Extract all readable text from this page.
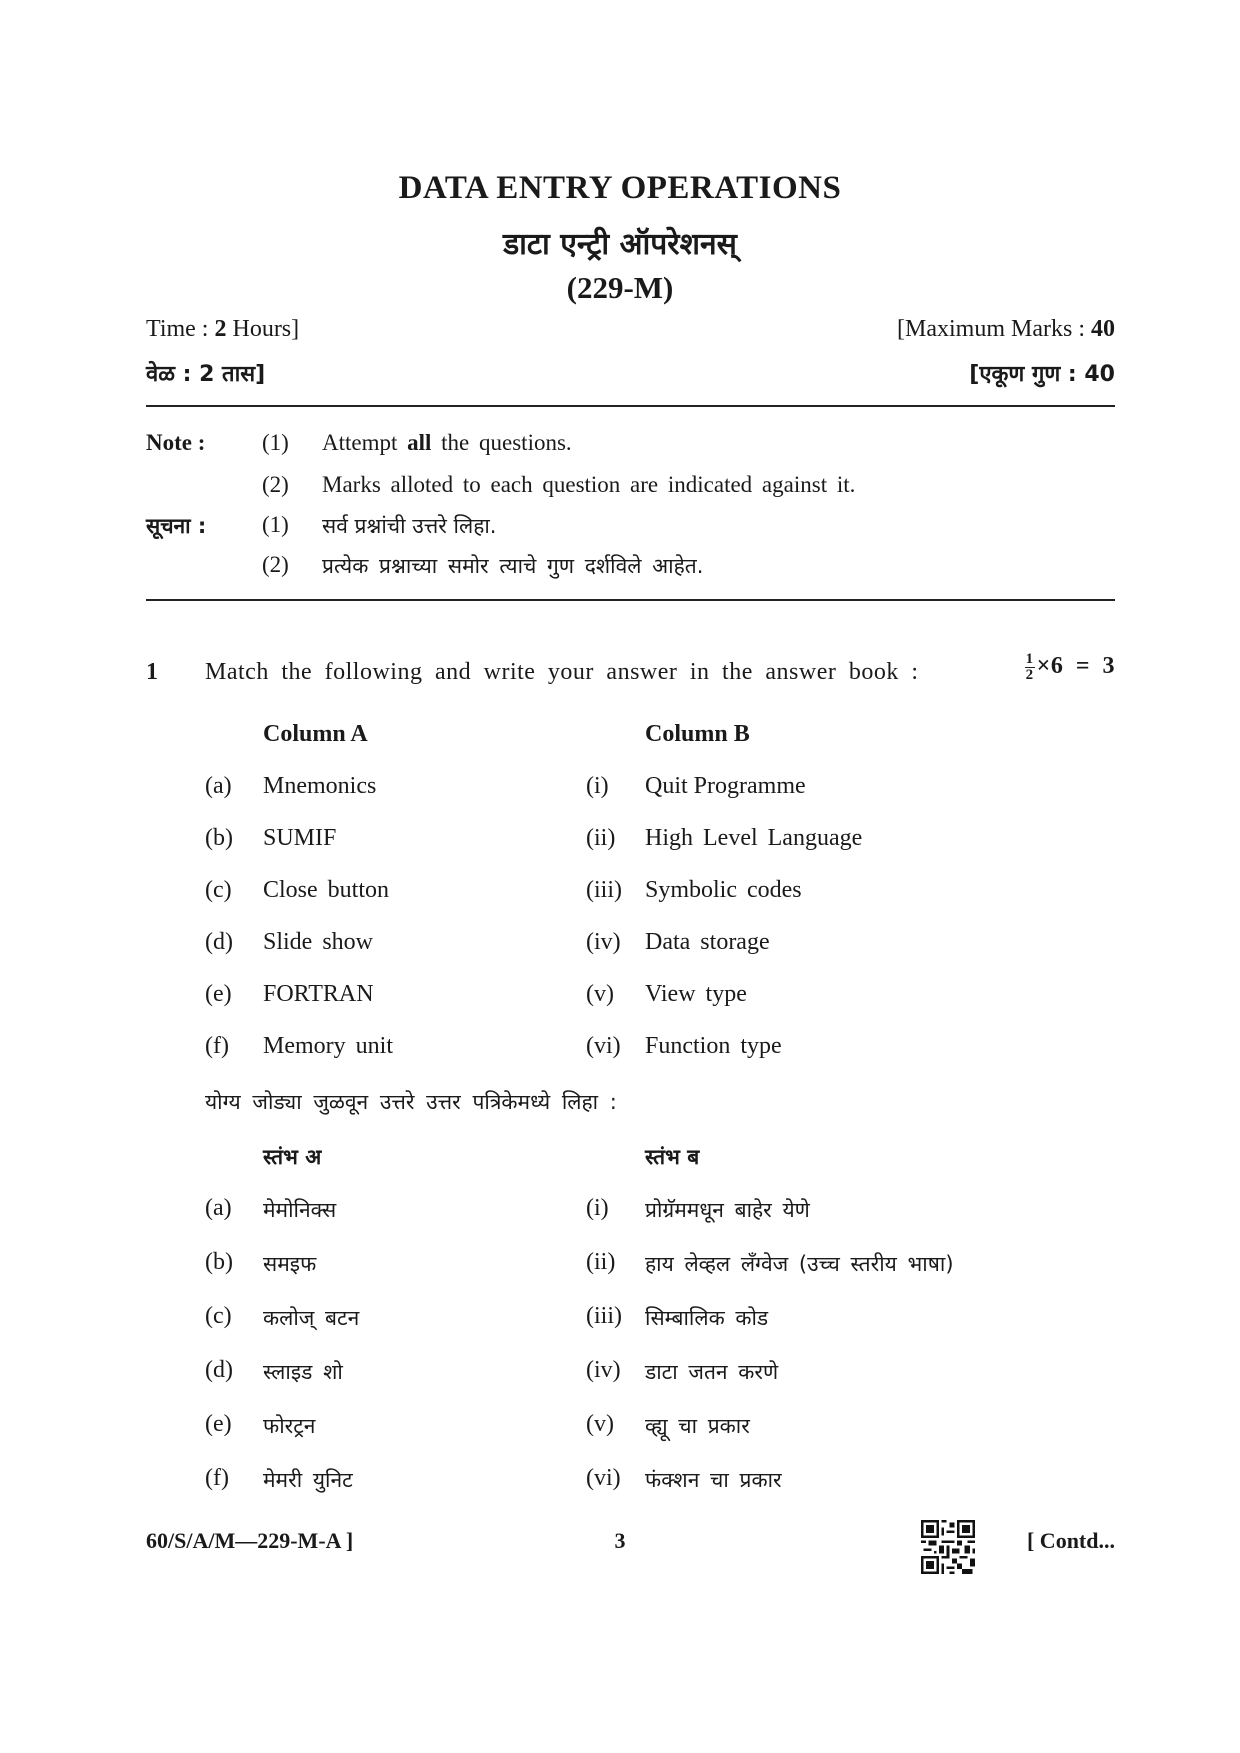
DATA ENTRY OPERATIONS
डाटा एन्ट्री ऑपरेशनस्
(229-M)
Time : 2 Hours]	[Maximum Marks : 40
वेळ : 2 तास]	[एकूण गुण : 40
Note : (1) Attempt all the questions.
(2) Marks alloted to each question are indicated against it.
सूचना : (1) सर्व प्रश्नांची उत्तरे लिहा.
(2) प्रत्येक प्रश्नाच्या समोर त्याचे गुण दर्शविले आहेत.
1 Match the following and write your answer in the answer book :	$\frac{1}{2} \times 6 = 3$
Column A	Column B
(a) Mnemonics	(i) Quit Programme
(b) SUMIF	(ii) High Level Language
(c) Close button	(iii) Symbolic codes
(d) Slide show	(iv) Data storage
(e) FORTRAN	(v) View type
(f) Memory unit	(vi) Function type
योग्य जोड्या जुळवून उत्तरे उत्तर पत्रिकेमध्ये लिहा :
स्तंभ अ	स्तंभ ब
(a) मेमोनिक्स	(i) प्रोग्रॅममधून बाहेर येणे
(b) समइफ	(ii) हाय लेव्हल लँग्वेज (उच्च स्तरीय भाषा)
(c) कलोज् बटन	(iii) सिम्बालिक कोड
(d) स्लाइड शो	(iv) डाटा जतन करणे
(e) फोरट्रन	(v) व्ह्यू चा प्रकार
(f) मेमरी युनिट	(vi) फंक्शन चा प्रकार
60/S/A/M—229-M-A ]	3	[ Contd...
